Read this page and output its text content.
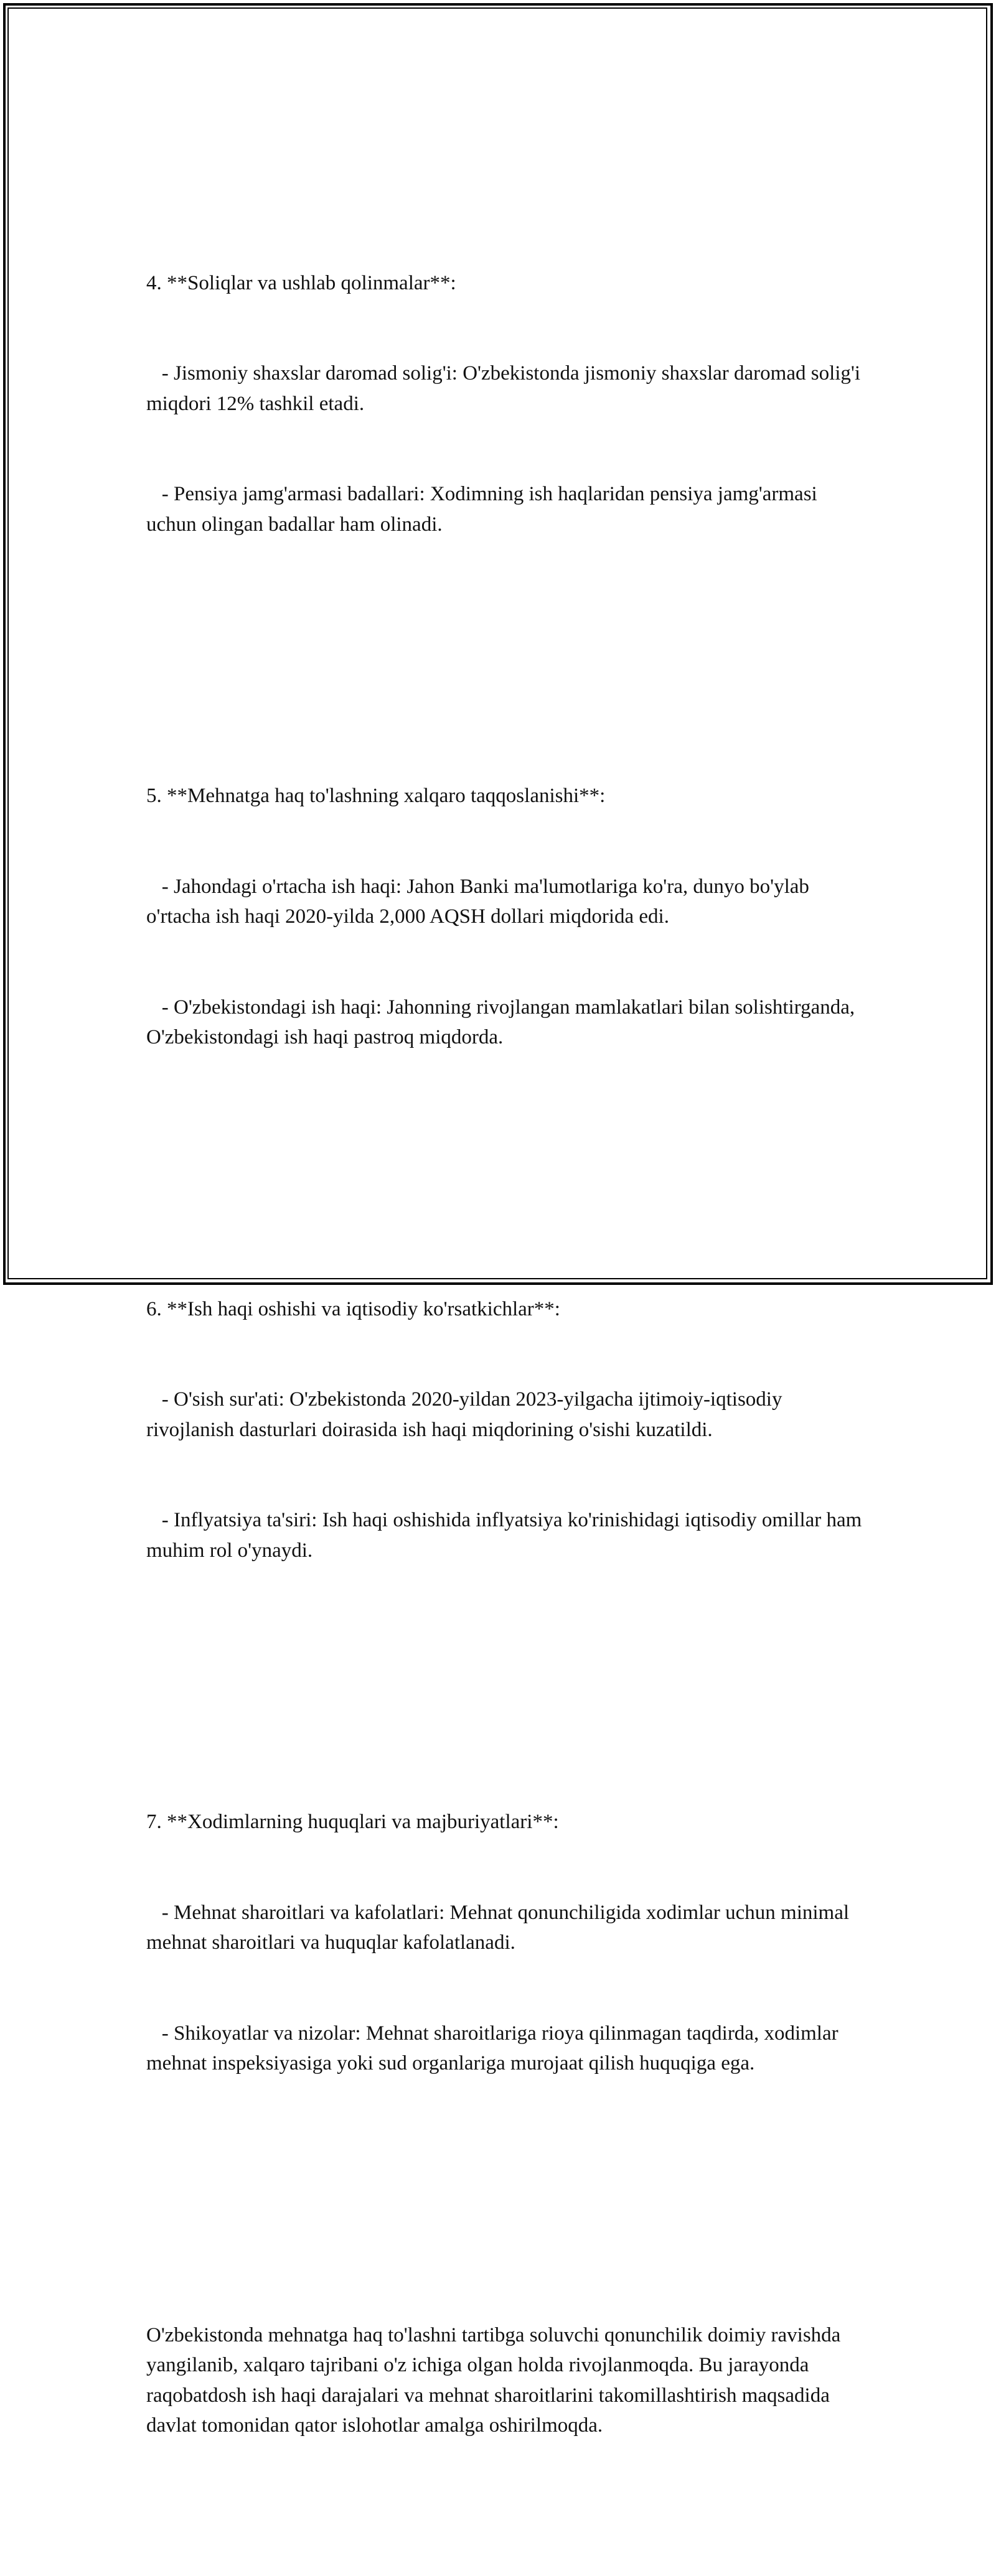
4. **Soliqlar va ushlab qolinmalar**:

- Jismoniy shaxslar daromad solig'i: O'zbekistonda jismoniy shaxslar daromad solig'i miqdori 12% tashkil etadi.

- Pensiya jamg'armasi badallari: Xodimning ish haqlaridan pensiya jamg'armasi uchun olingan badallar ham olinadi.

5. **Mehnatga haq to'lashning xalqaro taqqoslanishi**:

- Jahondagi o'rtacha ish haqi: Jahon Banki ma'lumotlariga ko'ra, dunyo bo'ylab o'rtacha ish haqi 2020-yilda 2,000 AQSH dollari miqdorida edi.

- O'zbekistondagi ish haqi: Jahonning rivojlangan mamlakatlari bilan solishtirganda, O'zbekistondagi ish haqi pastroq miqdorda.

6. **Ish haqi oshishi va iqtisodiy ko'rsatkichlar**:

- O'sish sur'ati: O'zbekistonda 2020-yildan 2023-yilgacha ijtimoiy-iqtisodiy rivojlanish dasturlari doirasida ish haqi miqdorining o'sishi kuzatildi.

- Inflyatsiya ta'siri: Ish haqi oshishida inflyatsiya ko'rinishidagi iqtisodiy omillar ham muhim rol o'ynaydi.

7. **Xodimlarning huquqlari va majburiyatlari**:

- Mehnat sharoitlari va kafolatlari: Mehnat qonunchiligida xodimlar uchun minimal mehnat sharoitlari va huquqlar kafolatlanadi.

- Shikoyatlar va nizolar: Mehnat sharoitlariga rioya qilinmagan taqdirda, xodimlar mehnat inspeksiyasiga yoki sud organlariga murojaat qilish huquqiga ega.

O'zbekistonda mehnatga haq to'lashni tartibga soluvchi qonunchilik doimiy ravishda yangilanib, xalqaro tajribani o'z ichiga olgan holda rivojlanmoqda. Bu jarayonda raqobatdosh ish haqi darajalari va mehnat sharoitlarini takomillashtirish maqsadida davlat tomonidan qator islohotlar amalga oshirilmoqda.
